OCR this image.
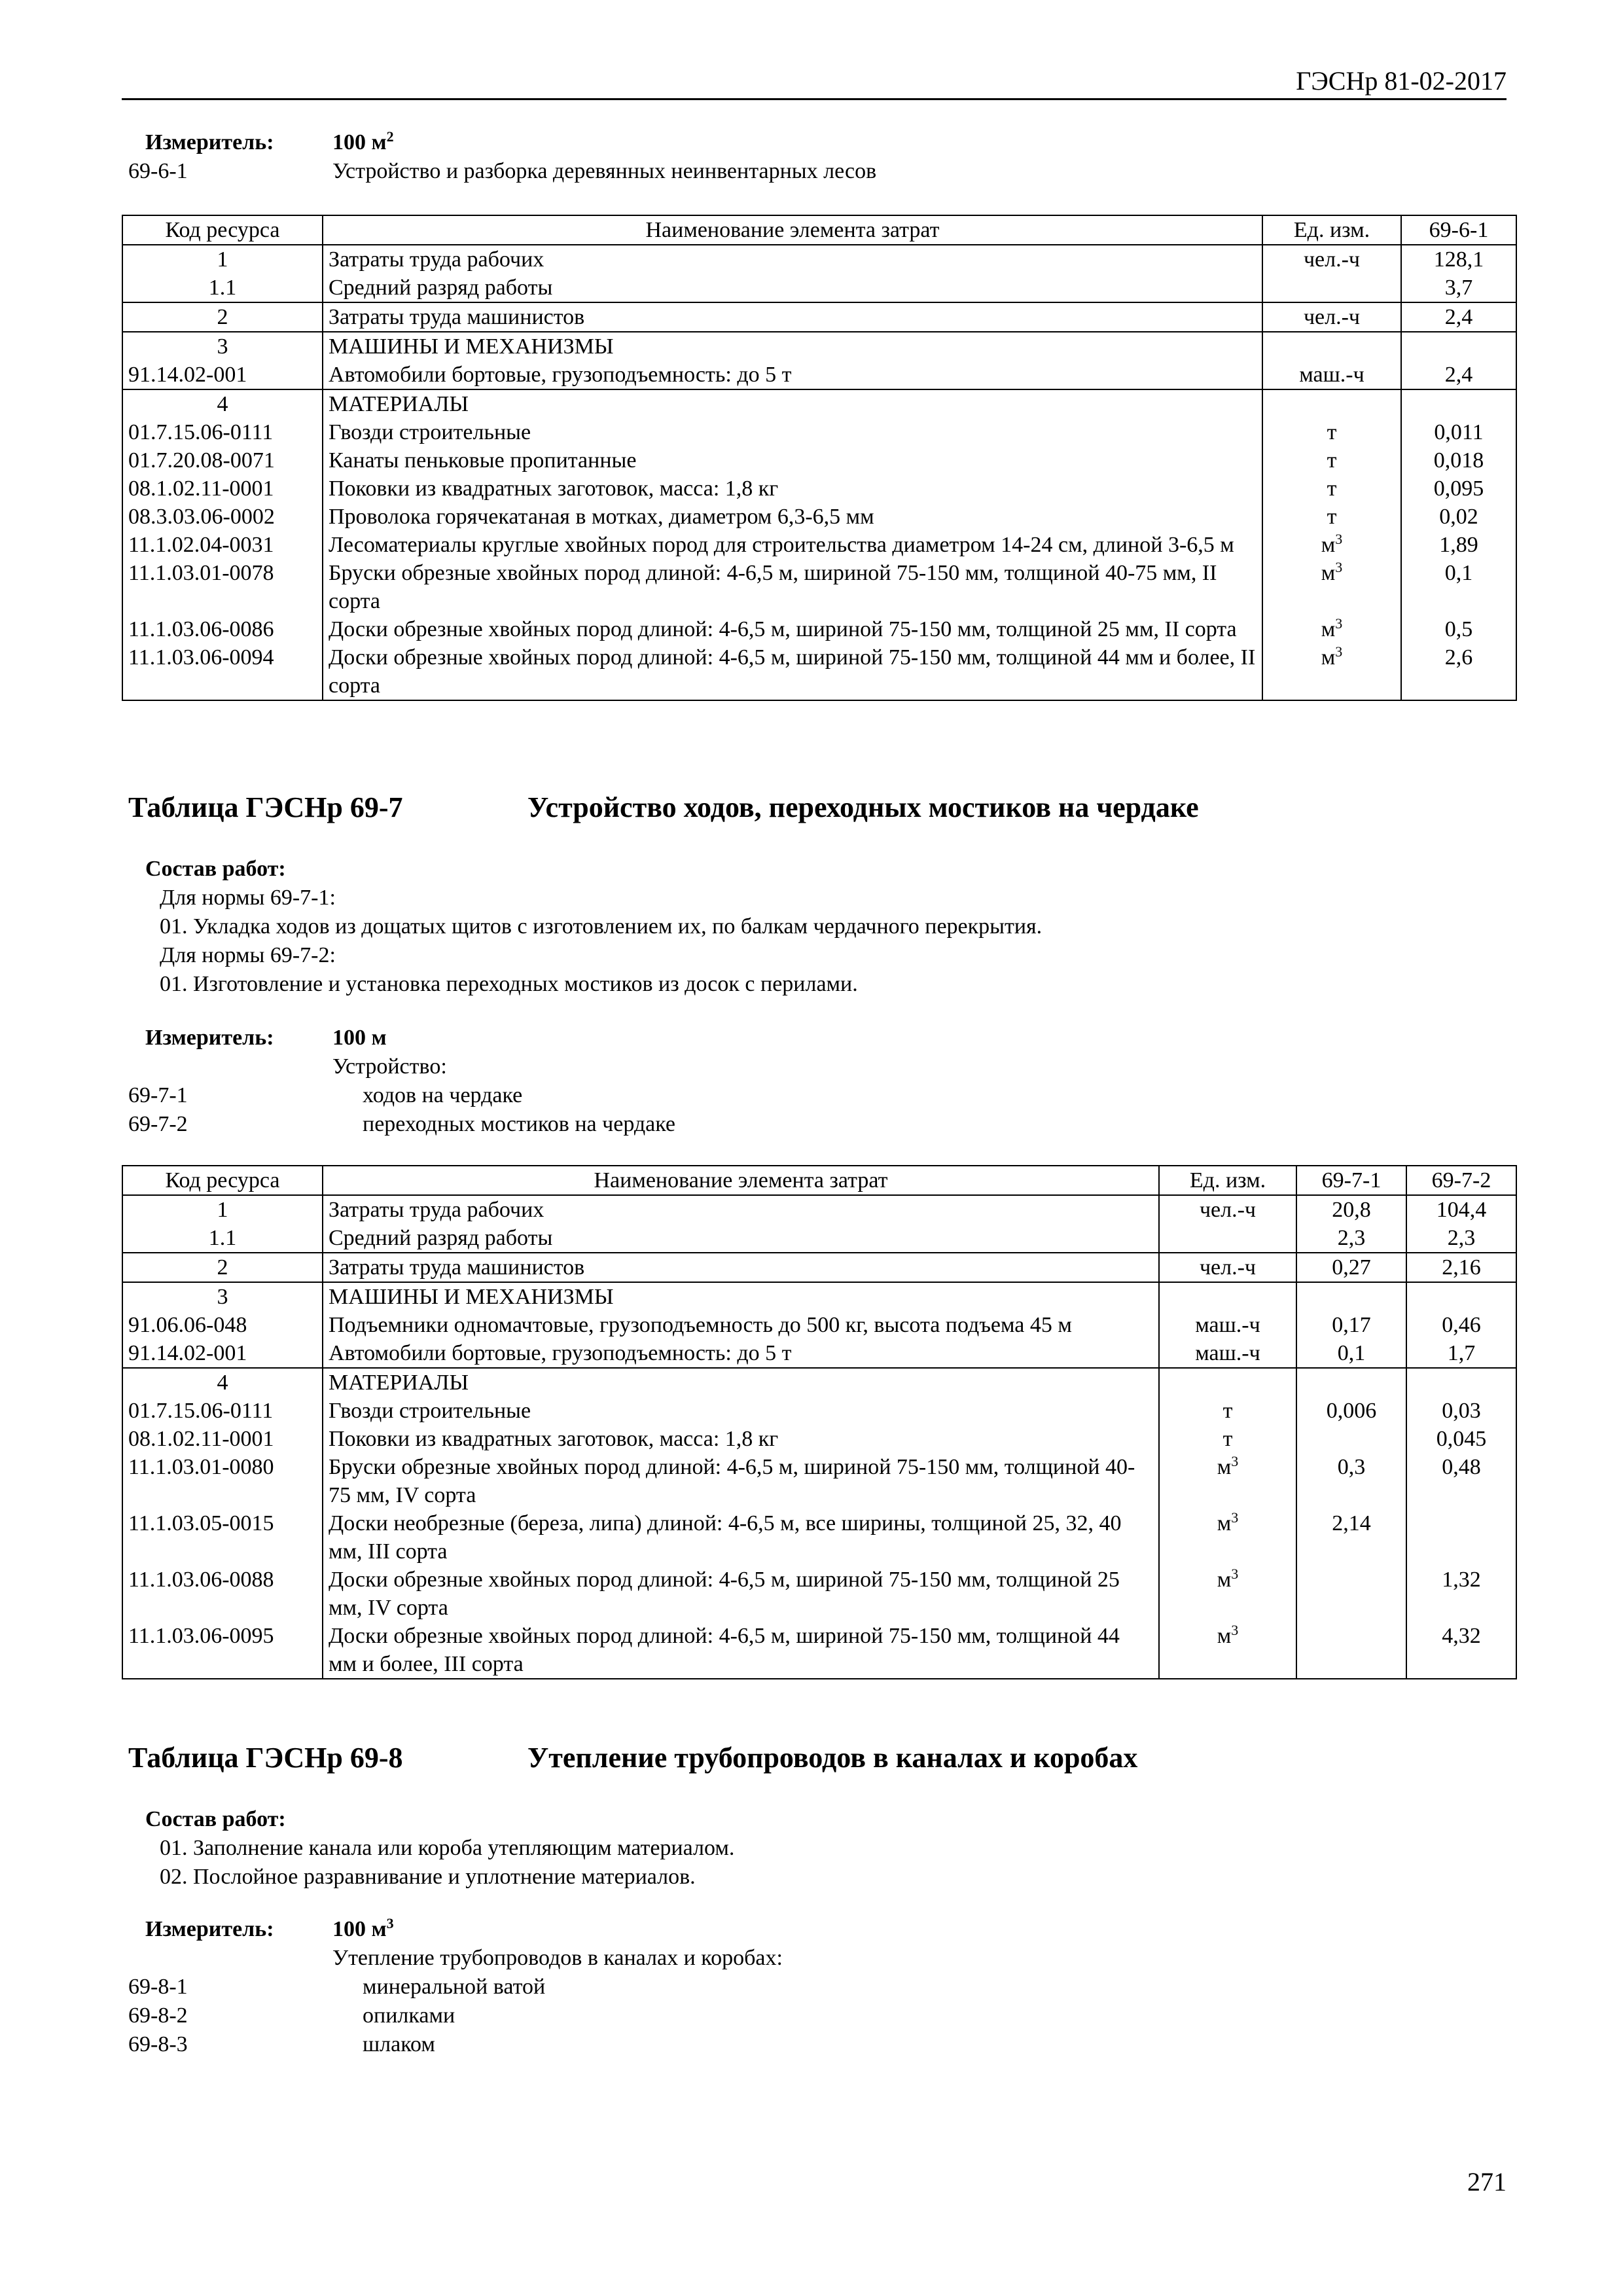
ГЭСНр 81-02-2017
Измеритель:	100 $м^2$
69-6-1	Устройство и разборка деревянных неинвентарных лесов
Код ресурса	Наименование элемента затрат	Ед. изм.	69-6-1
1	Затраты труда рабочих	чел.-ч	128,1
1.1	Средний разряд работы		3,7
2	Затраты труда машинистов	чел.-ч	2,4
3	МАШИНЫ И МЕХАНИЗМЫ		
91.14.02-001	Автомобили бортовые, грузоподъемность: до 5 т	маш.-ч	2,4
4	МАТЕРИАЛЫ		
01.7.15.06-0111	Гвозди строительные	т	0,011
01.7.20.08-0071	Канаты пеньковые пропитанные	т	0,018
08.1.02.11-0001	Поковки из квадратных заготовок, масса: 1,8 кг	т	0,095
08.3.03.06-0002	Проволока горячекатаная в мотках, диаметром 6,3-6,5 мм	т	0,02
11.1.02.04-0031	Лесоматериалы круглые хвойных пород для строительства диаметром 14-24 см, длиной 3-6,5 м	$м^3$	1,89
11.1.03.01-0078	Бруски обрезные хвойных пород длиной: 4-6,5 м, шириной 75-150 мм, толщиной 40-75 мм, II сорта	$м^3$	0,1
11.1.03.06-0086	Доски обрезные хвойных пород длиной: 4-6,5 м, шириной 75-150 мм, толщиной 25 мм, II сорта	$м^3$	0,5
11.1.03.06-0094	Доски обрезные хвойных пород длиной: 4-6,5 м, шириной 75-150 мм, толщиной 44 мм и более, II сорта	$м^3$	2,6
Таблица ГЭСНр 69-7	Устройство ходов, переходных мостиков на чердаке
Состав работ:
Для нормы 69-7-1:
01. Укладка ходов из дощатых щитов с изготовлением их, по балкам чердачного перекрытия.
Для нормы 69-7-2:
01. Изготовление и установка переходных мостиков из досок с перилами.
Измеритель:	100 м
Устройство:
69-7-1	ходов на чердаке
69-7-2	переходных мостиков на чердаке
Код ресурса	Наименование элемента затрат	Ед. изм.	69-7-1	69-7-2
1	Затраты труда рабочих	чел.-ч	20,8	104,4
1.1	Средний разряд работы		2,3	2,3
2	Затраты труда машинистов	чел.-ч	0,27	2,16
3	МАШИНЫ И МЕХАНИЗМЫ			
91.06.06-048	Подъемники одномачтовые, грузоподъемность до 500 кг, высота подъема 45 м	маш.-ч	0,17	0,46
91.14.02-001	Автомобили бортовые, грузоподъемность: до 5 т	маш.-ч	0,1	1,7
4	МАТЕРИАЛЫ			
01.7.15.06-0111	Гвозди строительные	т	0,006	0,03
08.1.02.11-0001	Поковки из квадратных заготовок, масса: 1,8 кг	т		0,045
11.1.03.01-0080	Бруски обрезные хвойных пород длиной: 4-6,5 м, шириной 75-150 мм, толщиной 40-75 мм, IV сорта	$м^3$	0,3	0,48
11.1.03.05-0015	Доски необрезные (береза, липа) длиной: 4-6,5 м, все ширины, толщиной 25, 32, 40 мм, III сорта	$м^3$	2,14	
11.1.03.06-0088	Доски обрезные хвойных пород длиной: 4-6,5 м, шириной 75-150 мм, толщиной 25 мм, IV сорта	$м^3$		1,32
11.1.03.06-0095	Доски обрезные хвойных пород длиной: 4-6,5 м, шириной 75-150 мм, толщиной 44 мм и более, III сорта	$м^3$		4,32
Таблица ГЭСНр 69-8	Утепление трубопроводов в каналах и коробах
Состав работ:
01. Заполнение канала или короба утепляющим материалом.
02. Послойное разравнивание и уплотнение материалов.
Измеритель:	100 $м^3$
Утепление трубопроводов в каналах и коробах:
69-8-1	минеральной ватой
69-8-2	опилками
69-8-3	шлаком
271
